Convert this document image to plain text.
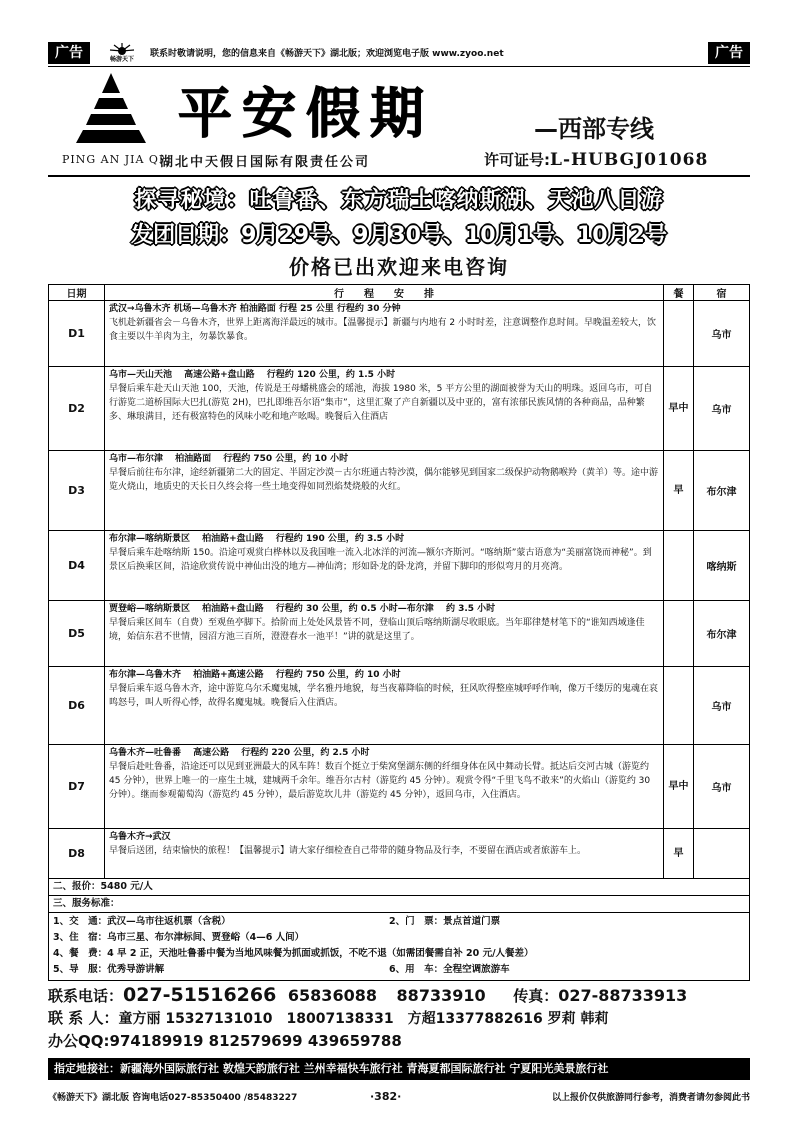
广告	畅游天下
联系时敬请说明，您的信息来自《畅游天下》湖北版；欢迎浏览电子版 www.zyoo.net	广告
PING AN JIA QI
平安假期	—西部专线
湖北中天假日国际有限责任公司	许可证号:L-HUBGJ01068
探寻秘境：吐鲁番、东方瑞士喀纳斯湖、天池八日游
发团日期：9月29号、9月30号、10月1号、10月2号
价格已出欢迎来电咨询
日期	行　　程　　安　　排	餐	宿
D1	武汉→乌鲁木齐 机场—乌鲁木齐 柏油路面 行程 25 公里 行程约 30 分钟
飞机赴新疆省会－乌鲁木齐，世界上距离海洋最远的城市。【温馨提示】新疆与内地有 2 小时时差，注意调整作息时间。早晚温差较大，饮食主要以牛羊肉为主，勿暴饮暴食。		乌市
D2	乌市—天山天池　 高速公路+盘山路　 行程约 120 公里，约 1.5 小时
早餐后乘车赴天山天池 100，天池，传说是王母蟠桃盛会的瑶池，海拔 1980 米，5 平方公里的湖面被誉为天山的明珠。返回乌市，可自行游览二道桥国际大巴扎(游览 2H)，巴扎即维吾尔语“集市”，这里汇聚了产自新疆以及中亚的，富有浓郁民族风情的各种商品，品种繁多、琳琅满目，还有极富特色的风味小吃和地产吆喝。晚餐后入住酒店	早中	乌市
D3	乌市—布尔津　 柏油路面　 行程约 750 公里，约 10 小时
早餐后前往布尔津，途经新疆第二大的固定、半固定沙漠－古尔班通古特沙漠，偶尔能够见到国家二级保护动物鹅喉羚（黄羊）等。途中游览火烧山，地质史的天长日久终会将一些土地变得如同烈焰焚烧般的火红。	早	布尔津
D4	布尔津—喀纳斯景区　 柏油路+盘山路　 行程约 190 公里，约 3.5 小时
早餐后乘车赴喀纳斯 150。沿途可观赏白桦林以及我国唯一流入北冰洋的河流—额尔齐斯河。“喀纳斯”蒙古语意为“美丽富饶而神秘”。到景区后换乘区间，沿途欣赏传说中神仙出没的地方—神仙湾；形如卧龙的卧龙湾，并留下脚印的形似弯月的月亮湾。		喀纳斯
D5	贾登峪—喀纳斯景区　 柏油路+盘山路　 行程约 30 公里，约 0.5 小时—布尔津　 约 3.5 小时
早餐后乘区间车（自费）至观鱼亭脚下。拾阶而上处处风景皆不同，登临山顶后喀纳斯湖尽收眼底。当年耶律楚材笔下的“谁知西域逢佳境，始信东君不世情，园沼方池三百所，澄澄春水一池平！”讲的就是这里了。		布尔津
D6	布尔津—乌鲁木齐　 柏油路+高速公路　 行程约 750 公里，约 10 小时
早餐后乘车返乌鲁木齐，途中游览乌尔禾魔鬼城，学名雅丹地貌，每当夜幕降临的时候，狂风吹得整座城呼呼作响，像万千缕厉的鬼魂在哀鸣怒号，叫人听得心悸，故得名魔鬼城。晚餐后入住酒店。		乌市
D7	乌鲁木齐—吐鲁番　 高速公路　 行程约 220 公里，约 2.5 小时
早餐后赴吐鲁番，沿途还可以见到亚洲最大的风车阵！数百个挺立于柴窝堡湖东侧的纤细身体在风中舞动长臂。抵达后交河古城（游览约 45 分钟），世界上唯一的一座生土城，建城两千余年。维吾尔古村（游览约 45 分钟）。观赏令得“千里飞鸟不敢来”的火焰山（游览约 30 分钟）。继而参观葡萄沟（游览约 45 分钟），最后游览坎儿井（游览约 45 分钟），返回乌市，入住酒店。	早中	乌市
D8	乌鲁木齐→武汉
早餐后送团，结束愉快的旅程！【温馨提示】请大家仔细检查自己带带的随身物品及行李，不要留在酒店或者旅游车上。	早	
二、报价：5480 元/人
三、服务标准：
1、交　通：武汉—乌市往返机票（含税）	2、门　票：景点首道门票
3、住　宿：乌市三星、布尔津标间、贾登峪（4—6 人间）
4、餐　费：4 早 2 正，天池吐鲁番中餐为当地风味餐为抓面或抓饭，不吃不退（如需团餐需自补 20 元/人餐差）
5、导　服：优秀导游讲解	6、用　车：全程空调旅游车
联系电话：027-51516266 65836088 88733910 传真：027-88733913
联 系 人：童方丽 15327131010　18007138331　方超13377882616 罗莉 韩莉
办公QQ:974189919 812579699 439659788
指定地接社：新疆海外国际旅行社 敦煌天韵旅行社 兰州幸福快车旅行社 青海夏都国际旅行社 宁夏阳光美景旅行社
《畅游天下》湖北版 咨询电话027-85350400 /85483227	·382·	以上报价仅供旅游同行参考，消费者请勿参阅此书
